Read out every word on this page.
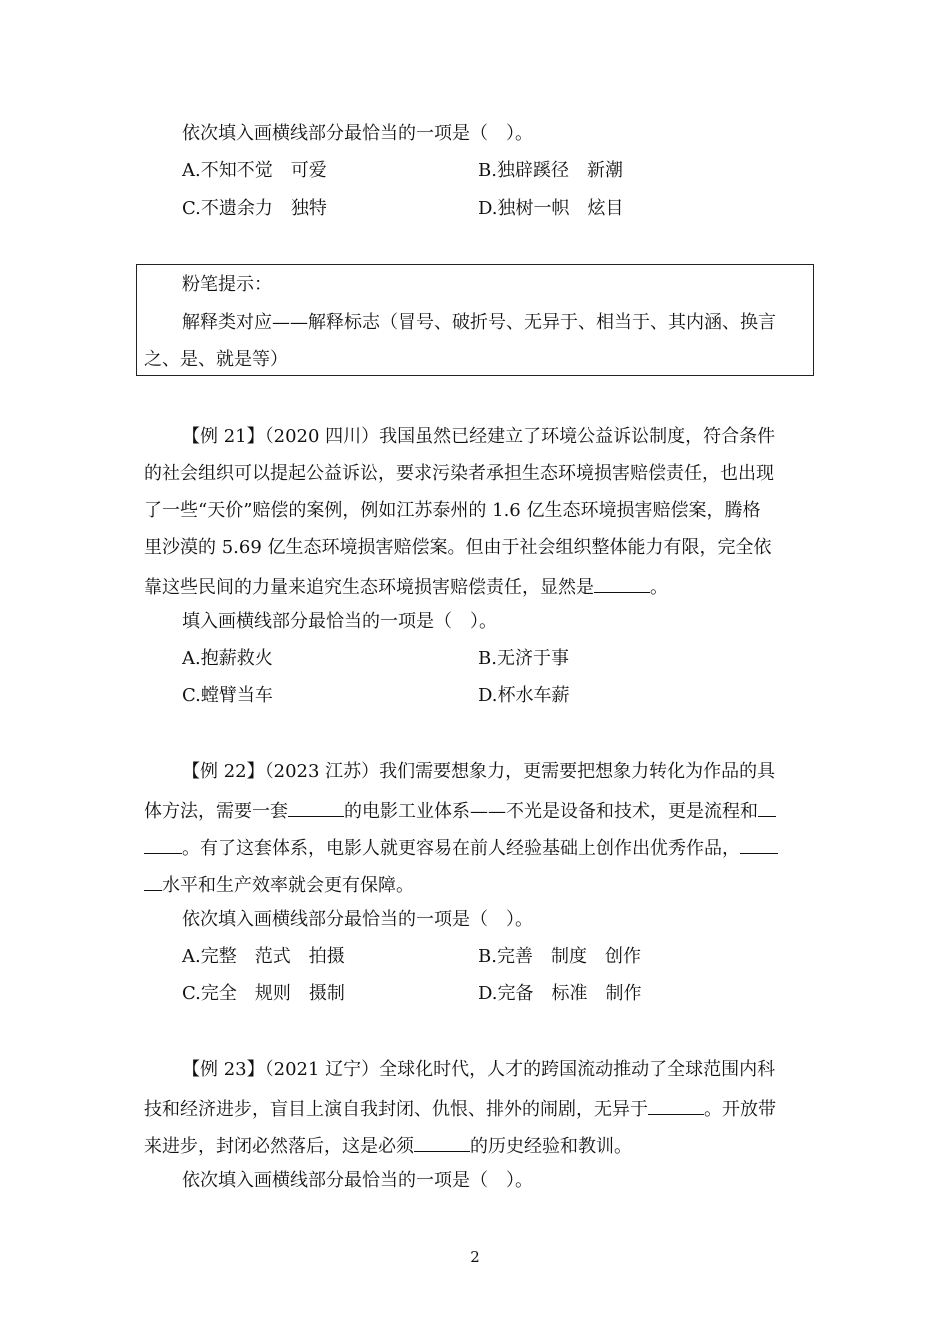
依次填入画横线部分最恰当的一项是（　）。
A.不知不觉　可爱	B.独辟蹊径　新潮
C.不遗余力　独特	D.独树一帜　炫目
粉笔提示：
解释类对应——解释标志（冒号、破折号、无异于、相当于、其内涵、换言
之、是、就是等）
【例 21】（2020 四川）我国虽然已经建立了环境公益诉讼制度，符合条件
的社会组织可以提起公益诉讼，要求污染者承担生态环境损害赔偿责任，也出现
了一些“天价”赔偿的案例，例如江苏泰州的 1.6 亿生态环境损害赔偿案，腾格
里沙漠的 5.69 亿生态环境损害赔偿案。但由于社会组织整体能力有限，完全依
靠这些民间的力量来追究生态环境损害赔偿责任，显然是	。
填入画横线部分最恰当的一项是（　）。
A.抱薪救火	B.无济于事
C.螳臂当车	D.杯水车薪
【例 22】（2023 江苏）我们需要想象力，更需要把想象力转化为作品的具
体方法，需要一套	的电影工业体系——不光是设备和技术，更是流程和
。有了这套体系，电影人就更容易在前人经验基础上创作出优秀作品，
水平和生产效率就会更有保障。
依次填入画横线部分最恰当的一项是（　）。
A.完整　范式　拍摄	B.完善　制度　创作
C.完全　规则　摄制	D.完备　标准　制作
【例 23】（2021 辽宁）全球化时代，人才的跨国流动推动了全球范围内科
技和经济进步，盲目上演自我封闭、仇恨、排外的闹剧，无异于	。开放带
来进步，封闭必然落后，这是必须	的历史经验和教训。
依次填入画横线部分最恰当的一项是（　）。
2
